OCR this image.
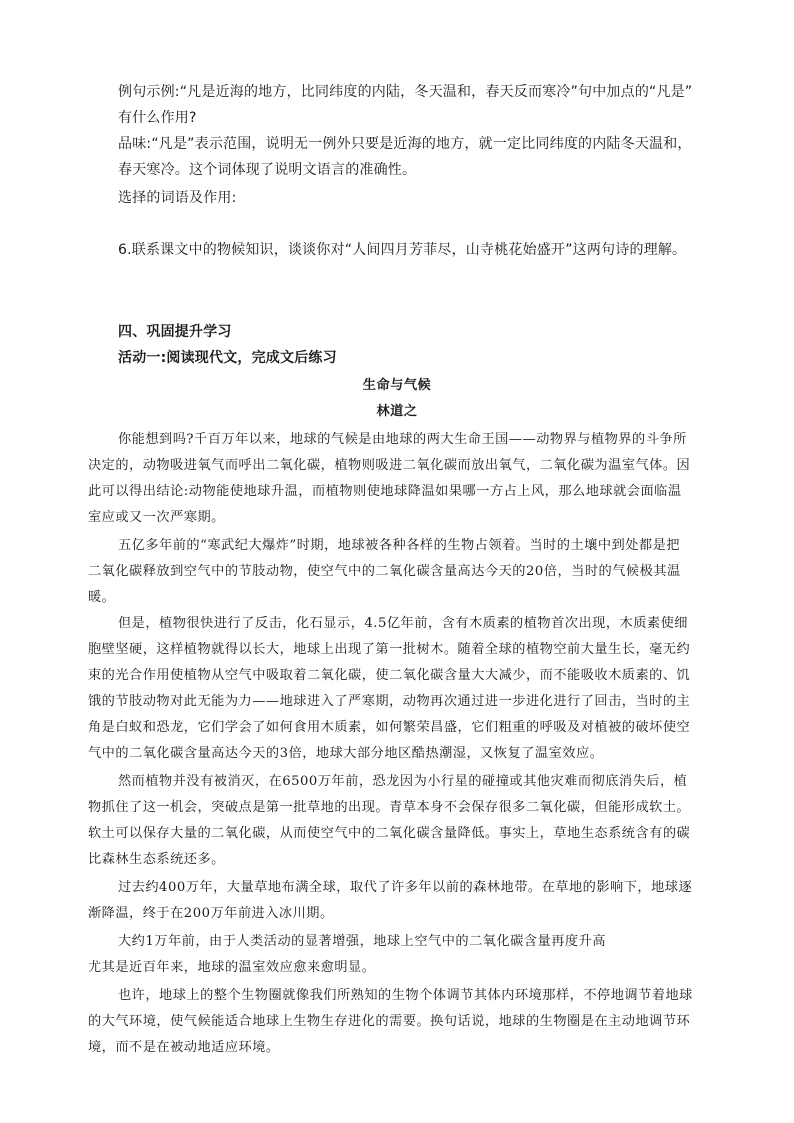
例句示例:“凡是近海的地方，比同纬度的内陆，冬天温和，春天反而寒冷”句中加点的“凡是”
有什么作用?
品味:“凡是”表示范围，说明无一例外只要是近海的地方，就一定比同纬度的内陆冬天温和，
春天寒冷。这个词体现了说明文语言的准确性。
选择的词语及作用:
6.联系课文中的物候知识，谈谈你对“人间四月芳菲尽，山寺桃花始盛开”这两句诗的理解。
四、巩固提升学习
活动一:阅读现代文，完成文后练习
生命与气候
林道之
你能想到吗?千百万年以来，地球的气候是由地球的两大生命王国——动物界与植物界的斗争所
决定的，动物吸进氧气而呼出二氧化碳，植物则吸进二氧化碳而放出氧气，二氧化碳为温室气体。因
此可以得出结论:动物能使地球升温，而植物则使地球降温如果哪一方占上风，那么地球就会面临温
室应或又一次严寒期。
五亿多年前的“寒武纪大爆炸”时期，地球被各种各样的生物占领着。当时的土壤中到处都是把
二氧化碳释放到空气中的节肢动物，使空气中的二氧化碳含量高达今天的20倍，当时的气候极其温
暖。
但是，植物很快进行了反击，化石显示，4.5亿年前，含有木质素的植物首次出现，木质素使细
胞壁坚硬，这样植物就得以长大，地球上出现了第一批树木。随着全球的植物空前大量生长，毫无约
束的光合作用使植物从空气中吸取着二氧化碳，使二氧化碳含量大大减少，而不能吸收木质素的、饥
饿的节肢动物对此无能为力——地球进入了严寒期，动物再次通过进一步进化进行了回击，当时的主
角是白蚁和恐龙，它们学会了如何食用木质素，如何繁荣昌盛，它们粗重的呼吸及对植被的破坏使空
气中的二氧化碳含量高达今天的3倍，地球大部分地区酷热潮湿，又恢复了温室效应。
然而植物并没有被消灭，在6500万年前，恐龙因为小行星的碰撞或其他灾难而彻底消失后，植
物抓住了这一机会，突破点是第一批草地的出现。青草本身不会保存很多二氧化碳，但能形成软土。
软土可以保存大量的二氧化碳，从而使空气中的二氧化碳含量降低。事实上，草地生态系统含有的碳
比森林生态系统还多。
过去约400万年，大量草地布满全球，取代了许多年以前的森林地带。在草地的影响下，地球逐
渐降温，终于在200万年前进入冰川期。
大约1万年前，由于人类活动的显著增强，地球上空气中的二氧化碳含量再度升高
尤其是近百年来，地球的温室效应愈来愈明显。
也许，地球上的整个生物圈就像我们所熟知的生物个体调节其体内环境那样，不停地调节着地球
的大气环境，使气候能适合地球上生物生存进化的需要。换句话说，地球的生物圈是在主动地调节环
境，而不是在被动地适应环境。
